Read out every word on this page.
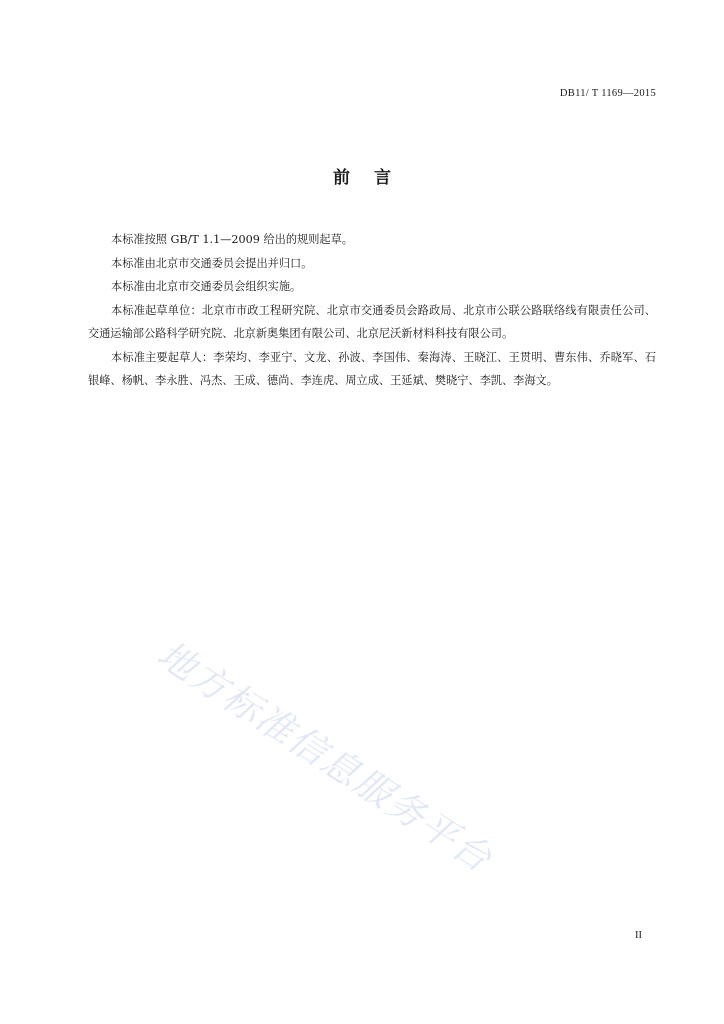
DB11/ T 1169—2015
前 言

本标准按照 GB/T 1.1—2009 给出的规则起草。

本标准由北京市交通委员会提出并归口。

本标准由北京市交通委员会组织实施。

本标准起草单位：北京市市政工程研究院、北京市交通委员会路政局、北京市公联公路联络线有限责任公司、交通运输部公路科学研究院、北京新奥集团有限公司、北京尼沃新材料科技有限公司。

本标准主要起草人：李荣均、李亚宁、文龙、孙波、李国伟、秦海涛、王晓江、王贯明、曹东伟、乔晓军、石银峰、杨帆、李永胜、冯杰、王成、德尚、李连虎、周立成、王延斌、樊晓宁、李凯、李海文。

地方标准信息服务平台
II
